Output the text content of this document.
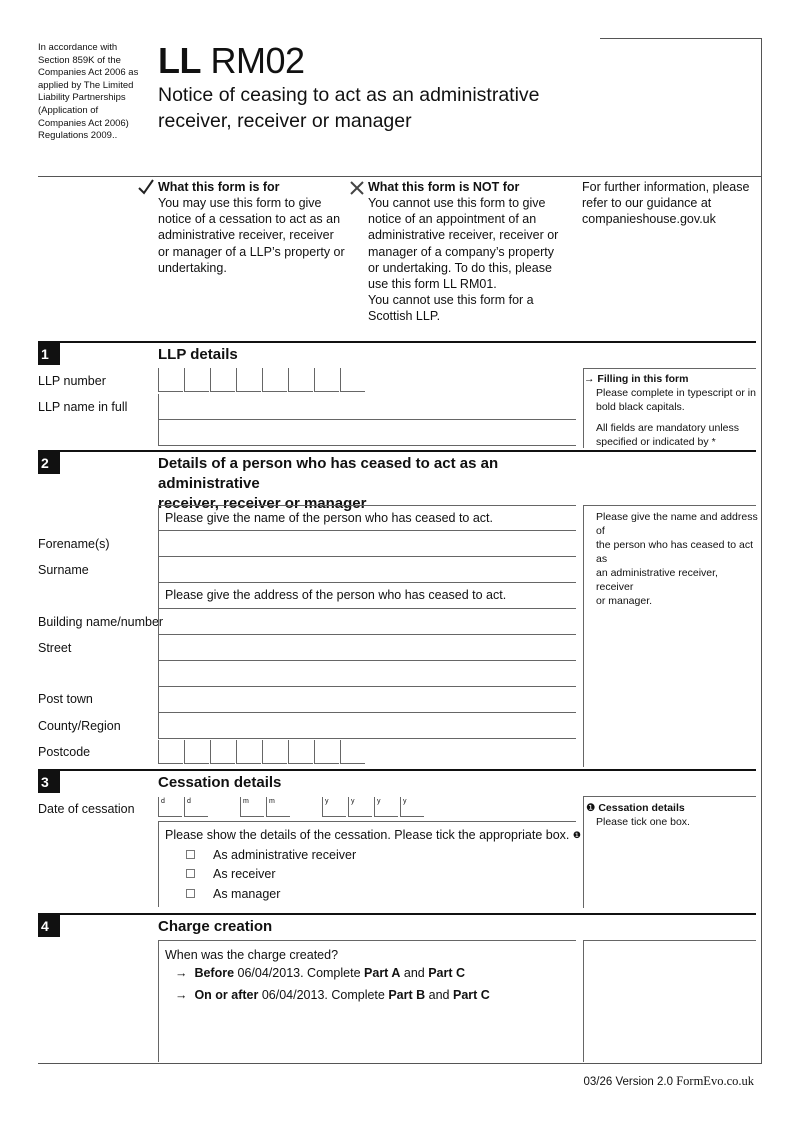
In accordance with
Section 859K of the
Companies Act 2006 as
applied by The Limited
Liability Partnerships
(Application of
Companies Act 2006)
Regulations 2009..
LL RM02
Notice of ceasing to act as an administrative
receiver, receiver or manager
What this form is for
You may use this form to give
notice of a cessation to act as an
administrative receiver, receiver
or manager of a LLP’s property or
undertaking.
What this form is NOT for
You cannot use this form to give
notice of an appointment of an
administrative receiver, receiver or
manager of a company’s property
or undertaking. To do this, please
use this form LL RM01.
You cannot use this form for a
Scottish LLP.
For further information, please
refer to our guidance at
companieshouse.gov.uk
1	LLP details
LLP number
LLP name in full
→ Filling in this form
Please complete in typescript or in
bold black capitals.
All fields are mandatory unless
specified or indicated by *
2	Details of a person who has ceased to act as an administrative
receiver, receiver or manager
Please give the name of the person who has ceased to act.
Forename(s)
Surname
Please give the address of the person who has ceased to act.
Building name/number
Street
Post town
County/Region
Postcode
Please give the name and address of
the person who has ceased to act as
an administrative receiver, receiver
or manager.
3	Cessation details
Date of cessation
d	d	m	m	y	y	y	y
Please show the details of the cessation. Please tick the appropriate box. $^❶$
As administrative receiver
As receiver
As manager
❶ Cessation details
Please tick one box.
4	Charge creation
When was the charge created?
→ Before 06/04/2013. Complete Part A and Part C
→ On or after 06/04/2013. Complete Part B and Part C
03/26 Version 2.0 FormEvo.co.uk
